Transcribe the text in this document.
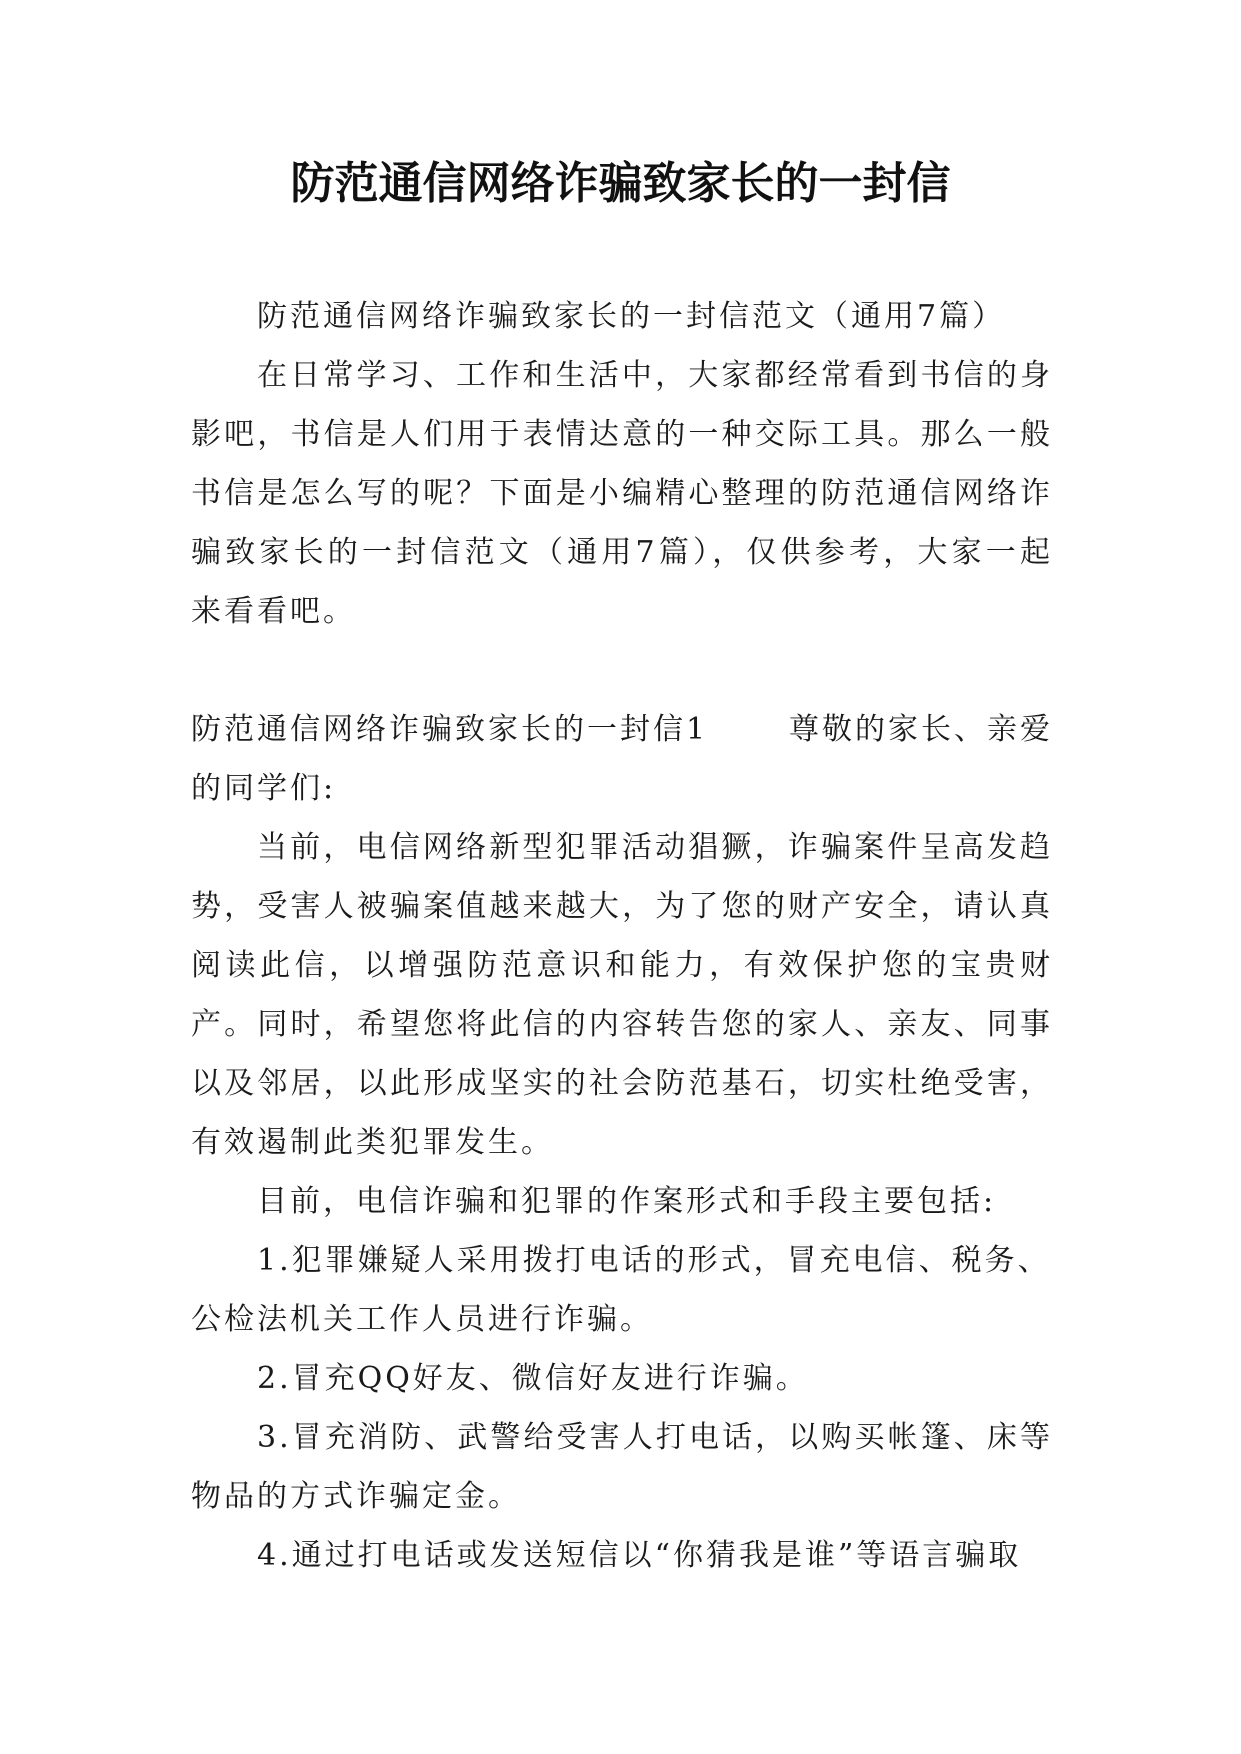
防范通信网络诈骗致家长的一封信

防范通信网络诈骗致家长的一封信范文（通用7篇）

在日常学习、工作和生活中，大家都经常看到书信的身影吧，书信是人们用于表情达意的一种交际工具。那么一般书信是怎么写的呢？下面是小编精心整理的防范通信网络诈骗致家长的一封信范文（通用7篇），仅供参考，大家一起来看看吧。

防范通信网络诈骗致家长的一封信1	尊敬的家长、亲爱

的同学们:

当前，电信网络新型犯罪活动猖獗，诈骗案件呈高发趋势，受害人被骗案值越来越大，为了您的财产安全，请认真阅读此信，以增强防范意识和能力，有效保护您的宝贵财产。同时，希望您将此信的内容转告您的家人、亲友、同事以及邻居，以此形成坚实的社会防范基石，切实杜绝受害，有效遏制此类犯罪发生。

目前，电信诈骗和犯罪的作案形式和手段主要包括:

1.犯罪嫌疑人采用拨打电话的形式，冒充电信、税务、

公检法机关工作人员进行诈骗。

2.冒充QQ好友、微信好友进行诈骗。

3.冒充消防、武警给受害人打电话，以购买帐篷、床等物品的方式诈骗定金。

4.通过打电话或发送短信以“你猜我是谁”等语言骗取
